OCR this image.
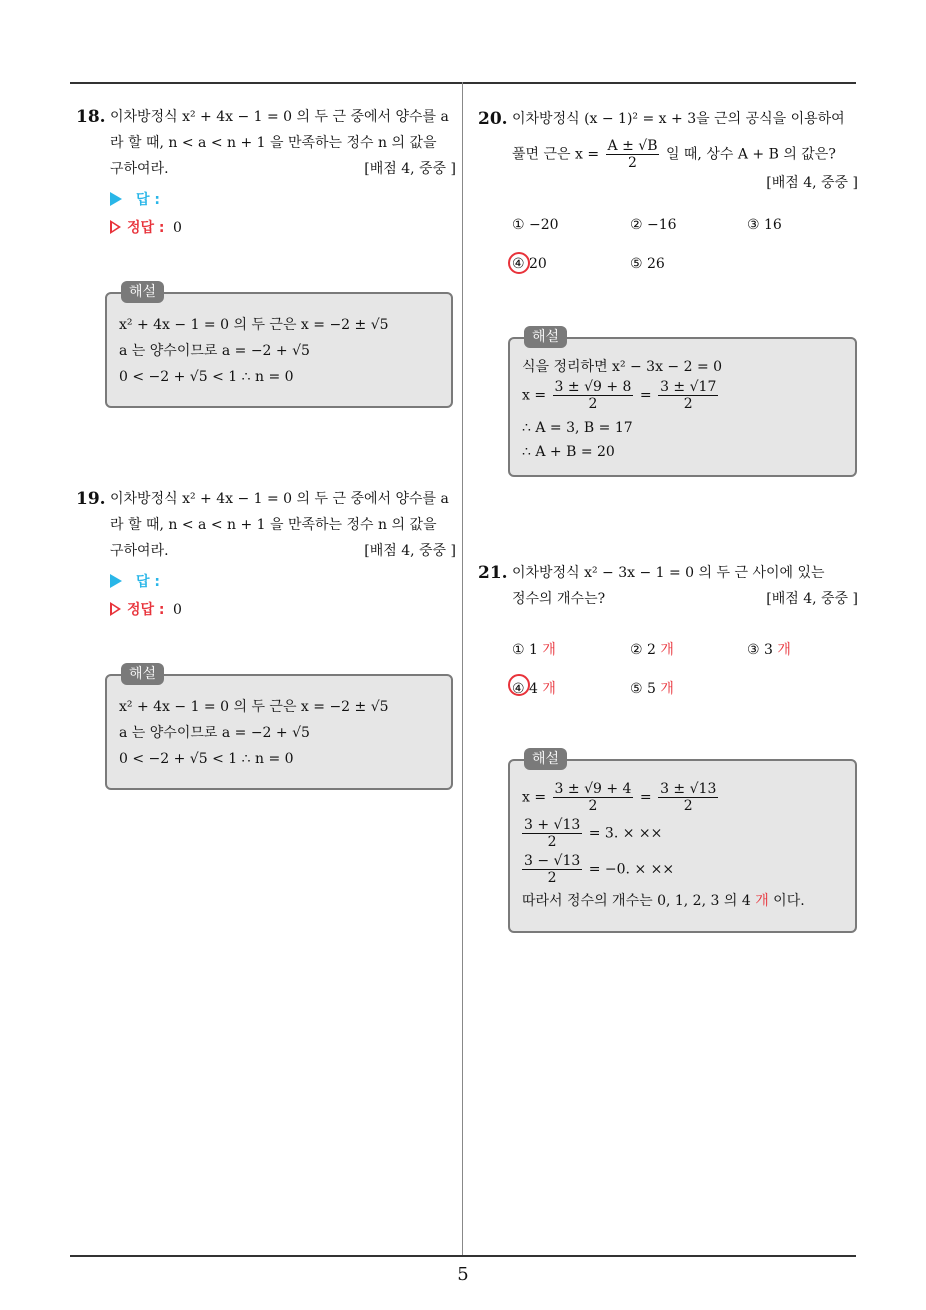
5
18. 이차방정식 x² + 4x − 1 = 0 의 두 근 중에서 양수를 a
라 할 때, n < a < n + 1 을 만족하는 정수 n 의 값을
구하여라.	[배점 4, 중중 ]
답 :
정답 : 0
해설
x² + 4x − 1 = 0 의 두 근은 x = −2 ± √5
a 는 양수이므로 a = −2 + √5
0 < −2 + √5 < 1 ∴ n = 0
19. 이차방정식 x² + 4x − 1 = 0 의 두 근 중에서 양수를 a
라 할 때, n < a < n + 1 을 만족하는 정수 n 의 값을
구하여라.	[배점 4, 중중 ]
답 :
정답 : 0
해설
x² + 4x − 1 = 0 의 두 근은 x = −2 ± √5
a 는 양수이므로 a = −2 + √5
0 < −2 + √5 < 1 ∴ n = 0
20. 이차방정식 (x − 1)² = x + 3을 근의 공식을 이용하여
풀면 근은 $x = \frac{A \pm √B}{2}$ 일 때, 상수 A + B 의 값은?
[배점 4, 중중 ]
① −20	② −16	③ 16
④ 20	⑤ 26
해설
식을 정리하면 x² − 3x − 2 = 0
$x = \frac{3 \pm √9 + 8}{2} = \frac{3 \pm √17}{2}$
∴ A = 3, B = 17
∴ A + B = 20
21. 이차방정식 x² − 3x − 1 = 0 의 두 근 사이에 있는
정수의 개수는?	[배점 4, 중중 ]
① 1 개	② 2 개	③ 3 개
④ 4 개	⑤ 5 개
해설
$x = \frac{3 \pm √9 + 4}{2} = \frac{3 \pm √13}{2}$
$\frac{3 + √13}{2} = 3$. × ××
$\frac{3 - √13}{2} = -0$. × ××
따라서 정수의 개수는 0, 1, 2, 3 의 4 개 이다.
